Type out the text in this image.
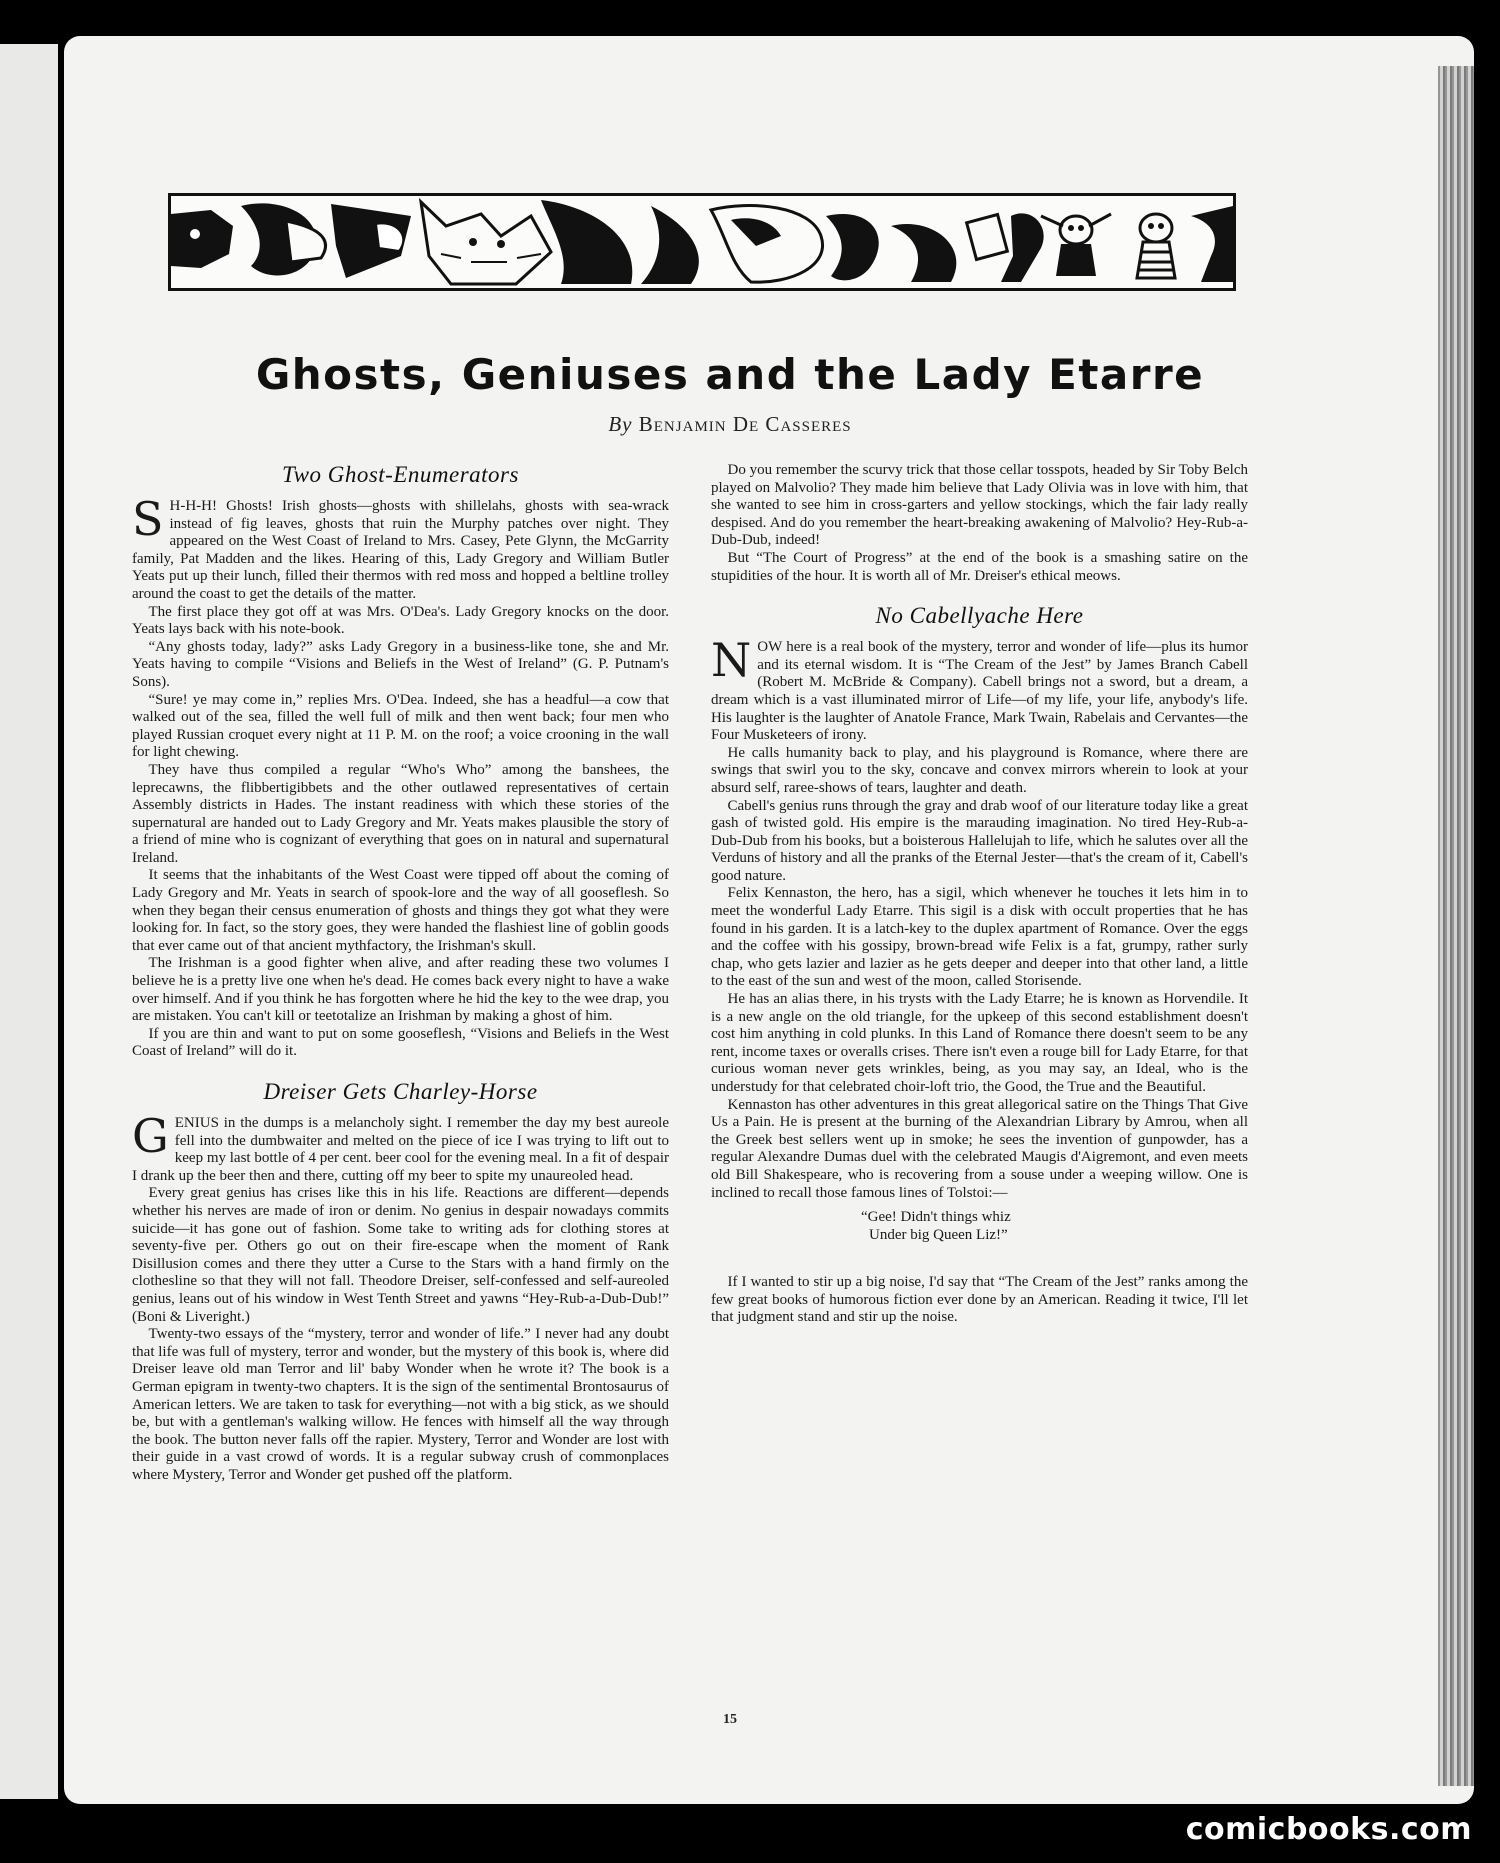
Ghosts, Geniuses and the Lady Etarre
By Benjamin De Casseres
Two Ghost-Enumerators

S H-H-H! Ghosts! Irish ghosts—ghosts with shillelahs, ghosts with sea-wrack instead of fig leaves, ghosts that ruin the Murphy patches over night. They appeared on the West Coast of Ireland to Mrs. Casey, Pete Glynn, the McGarrity family, Pat Madden and the likes. Hearing of this, Lady Gregory and William Butler Yeats put up their lunch, filled their thermos with red moss and hopped a beltline trolley around the coast to get the details of the matter.

The first place they got off at was Mrs. O'Dea's. Lady Gregory knocks on the door. Yeats lays back with his note-book.

“Any ghosts today, lady?” asks Lady Gregory in a business-like tone, she and Mr. Yeats having to compile “Visions and Beliefs in the West of Ireland” (G. P. Putnam's Sons).

“Sure! ye may come in,” replies Mrs. O'Dea. Indeed, she has a headful—a cow that walked out of the sea, filled the well full of milk and then went back; four men who played Russian croquet every night at 11 P. M. on the roof; a voice crooning in the wall for light chewing.

They have thus compiled a regular “Who's Who” among the banshees, the leprecawns, the flibbertigibbets and the other outlawed representatives of certain Assembly districts in Hades. The instant readiness with which these stories of the supernatural are handed out to Lady Gregory and Mr. Yeats makes plausible the story of a friend of mine who is cognizant of everything that goes on in natural and supernatural Ireland.

It seems that the inhabitants of the West Coast were tipped off about the coming of Lady Gregory and Mr. Yeats in search of spook-lore and the way of all gooseflesh. So when they began their census enumeration of ghosts and things they got what they were looking for. In fact, so the story goes, they were handed the flashiest line of goblin goods that ever came out of that ancient mythfactory, the Irishman's skull.

The Irishman is a good fighter when alive, and after reading these two volumes I believe he is a pretty live one when he's dead. He comes back every night to have a wake over himself. And if you think he has forgotten where he hid the key to the wee drap, you are mistaken. You can't kill or teetotalize an Irishman by making a ghost of him.

If you are thin and want to put on some gooseflesh, “Visions and Beliefs in the West Coast of Ireland” will do it.

Dreiser Gets Charley-Horse

GENIUS in the dumps is a melancholy sight. I remember the day my best aureole fell into the dumbwaiter and melted on the piece of ice I was trying to lift out to keep my last bottle of 4 per cent. beer cool for the evening meal. In a fit of despair I drank up the beer then and there, cutting off my beer to spite my unaureoled head.

Every great genius has crises like this in his life. Reactions are different—depends whether his nerves are made of iron or denim. No genius in despair nowadays commits suicide—it has gone out of fashion. Some take to writing ads for clothing stores at seventy-five per. Others go out on their fire-escape when the moment of Rank Disillusion comes and there they utter a Curse to the Stars with a hand firmly on the clothesline so that they will not fall. Theodore Dreiser, self-confessed and self-aureoled genius, leans out of his window in West Tenth Street and yawns “Hey-Rub-a-Dub-Dub!” (Boni & Liveright.)

Twenty-two essays of the “mystery, terror and wonder of life.” I never had any doubt that life was full of mystery, terror and wonder, but the mystery of this book is, where did Dreiser leave old man Terror and lil' baby Wonder when he wrote it? The book is a German epigram in twenty-two chapters. It is the sign of the sentimental Brontosaurus of American letters. We are taken to task for everything—not with a big stick, as we should be, but with a gentleman's walking willow. He fences with himself all the way through the book. The button never falls off the rapier. Mystery, Terror and Wonder are lost with their guide in a vast crowd of words. It is a regular subway crush of commonplaces where Mystery, Terror and Wonder get pushed off the platform.

Do you remember the scurvy trick that those cellar tosspots, headed by Sir Toby Belch played on Malvolio? They made him believe that Lady Olivia was in love with him, that she wanted to see him in cross-garters and yellow stockings, which the fair lady really despised. And do you remember the heart-breaking awakening of Malvolio? Hey-Rub-a-Dub-Dub, indeed!

But “The Court of Progress” at the end of the book is a smashing satire on the stupidities of the hour. It is worth all of Mr. Dreiser's ethical meows.

No Cabellyache Here

NOW here is a real book of the mystery, terror and wonder of life—plus its humor and its eternal wisdom. It is “The Cream of the Jest” by James Branch Cabell (Robert M. McBride & Company). Cabell brings not a sword, but a dream, a dream which is a vast illuminated mirror of Life—of my life, your life, anybody's life. His laughter is the laughter of Anatole France, Mark Twain, Rabelais and Cervantes—the Four Musketeers of irony.

He calls humanity back to play, and his playground is Romance, where there are swings that swirl you to the sky, concave and convex mirrors wherein to look at your absurd self, raree-shows of tears, laughter and death.

Cabell's genius runs through the gray and drab woof of our literature today like a great gash of twisted gold. His empire is the marauding imagination. No tired Hey-Rub-a-Dub-Dub from his books, but a boisterous Hallelujah to life, which he salutes over all the Verduns of history and all the pranks of the Eternal Jester—that's the cream of it, Cabell's good nature.

Felix Kennaston, the hero, has a sigil, which whenever he touches it lets him in to meet the wonderful Lady Etarre. This sigil is a disk with occult properties that he has found in his garden. It is a latch-key to the duplex apartment of Romance. Over the eggs and the coffee with his gossipy, brown-bread wife Felix is a fat, grumpy, rather surly chap, who gets lazier and lazier as he gets deeper and deeper into that other land, a little to the east of the sun and west of the moon, called Storisende.

He has an alias there, in his trysts with the Lady Etarre; he is known as Horvendile. It is a new angle on the old triangle, for the upkeep of this second establishment doesn't cost him anything in cold plunks. In this Land of Romance there doesn't seem to be any rent, income taxes or overalls crises. There isn't even a rouge bill for Lady Etarre, for that curious woman never gets wrinkles, being, as you may say, an Ideal, who is the understudy for that celebrated choir-loft trio, the Good, the True and the Beautiful.

Kennaston has other adventures in this great allegorical satire on the Things That Give Us a Pain. He is present at the burning of the Alexandrian Library by Amrou, when all the Greek best sellers went up in smoke; he sees the invention of gunpowder, has a regular Alexandre Dumas duel with the celebrated Maugis d'Aigremont, and even meets old Bill Shakespeare, who is recovering from a souse under a weeping willow. One is inclined to recall those famous lines of Tolstoi:—

“Gee! Didn't things whiz
Under big Queen Liz!”

If I wanted to stir up a big noise, I'd say that “The Cream of the Jest” ranks among the few great books of humorous fiction ever done by an American. Reading it twice, I'll let that judgment stand and stir up the noise.

15
comicbooks.com
